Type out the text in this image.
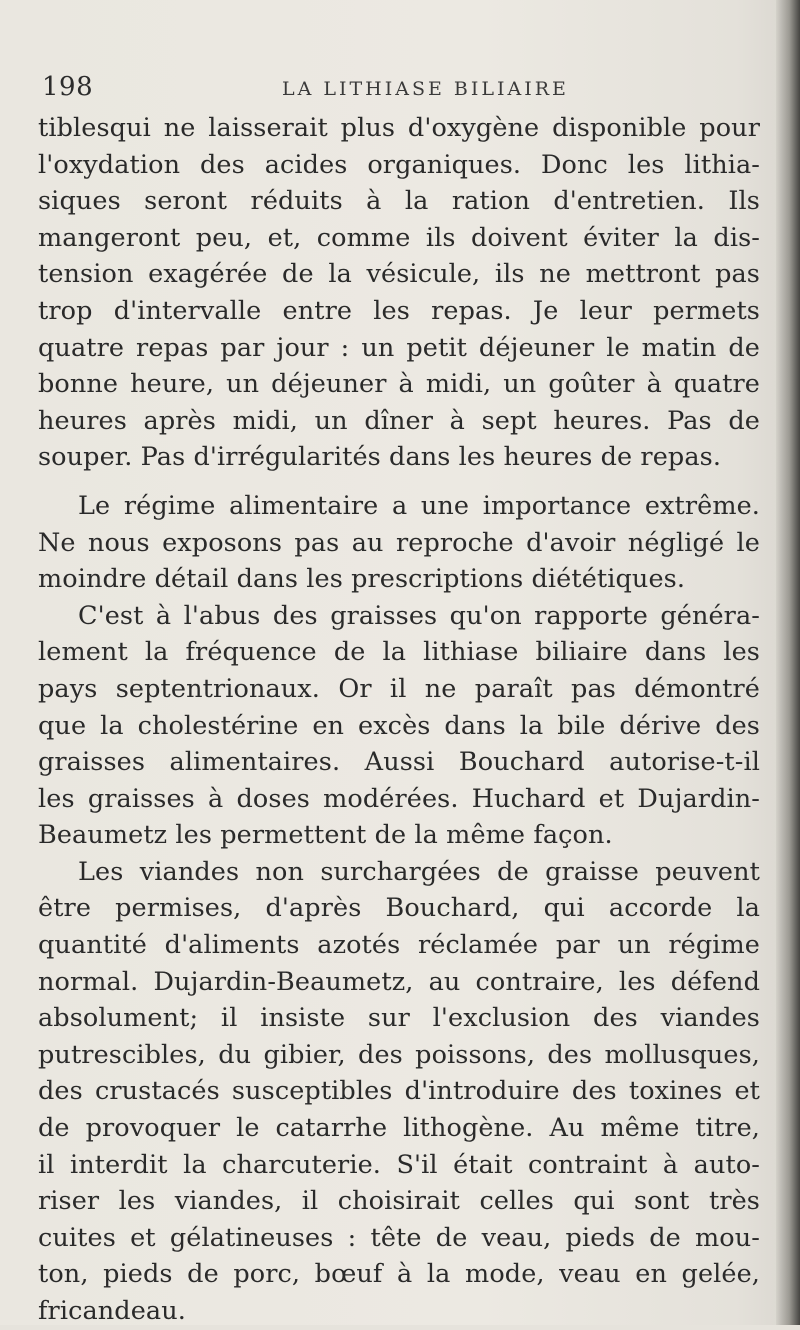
198	LA LITHIASE BILIAIRE
tiblesqui ne laisserait plus d'oxygène disponible pour
l'oxydation des acides organiques. Donc les lithia-
siques seront réduits à la ration d'entretien. Ils
mangeront peu, et, comme ils doivent éviter la dis-
tension exagérée de la vésicule, ils ne mettront pas
trop d'intervalle entre les repas. Je leur permets
quatre repas par jour : un petit déjeuner le matin de
bonne heure, un déjeuner à midi, un goûter à quatre
heures après midi, un dîner à sept heures. Pas de
souper. Pas d'irrégularités dans les heures de repas.
Le régime alimentaire a une importance extrême.
Ne nous exposons pas au reproche d'avoir négligé le
moindre détail dans les prescriptions diététiques.
C'est à l'abus des graisses qu'on rapporte généra-
lement la fréquence de la lithiase biliaire dans les
pays septentrionaux. Or il ne paraît pas démontré
que la cholestérine en excès dans la bile dérive des
graisses alimentaires. Aussi Bouchard autorise-t-il
les graisses à doses modérées. Huchard et Dujardin-
Beaumetz les permettent de la même façon.
Les viandes non surchargées de graisse peuvent
être permises, d'après Bouchard, qui accorde la
quantité d'aliments azotés réclamée par un régime
normal. Dujardin-Beaumetz, au contraire, les défend
absolument; il insiste sur l'exclusion des viandes
putrescibles, du gibier, des poissons, des mollusques,
des crustacés susceptibles d'introduire des toxines et
de provoquer le catarrhe lithogène. Au même titre,
il interdit la charcuterie. S'il était contraint à auto-
riser les viandes, il choisirait celles qui sont très
cuites et gélatineuses : tête de veau, pieds de mou-
ton, pieds de porc, bœuf à la mode, veau en gelée,
fricandeau.
